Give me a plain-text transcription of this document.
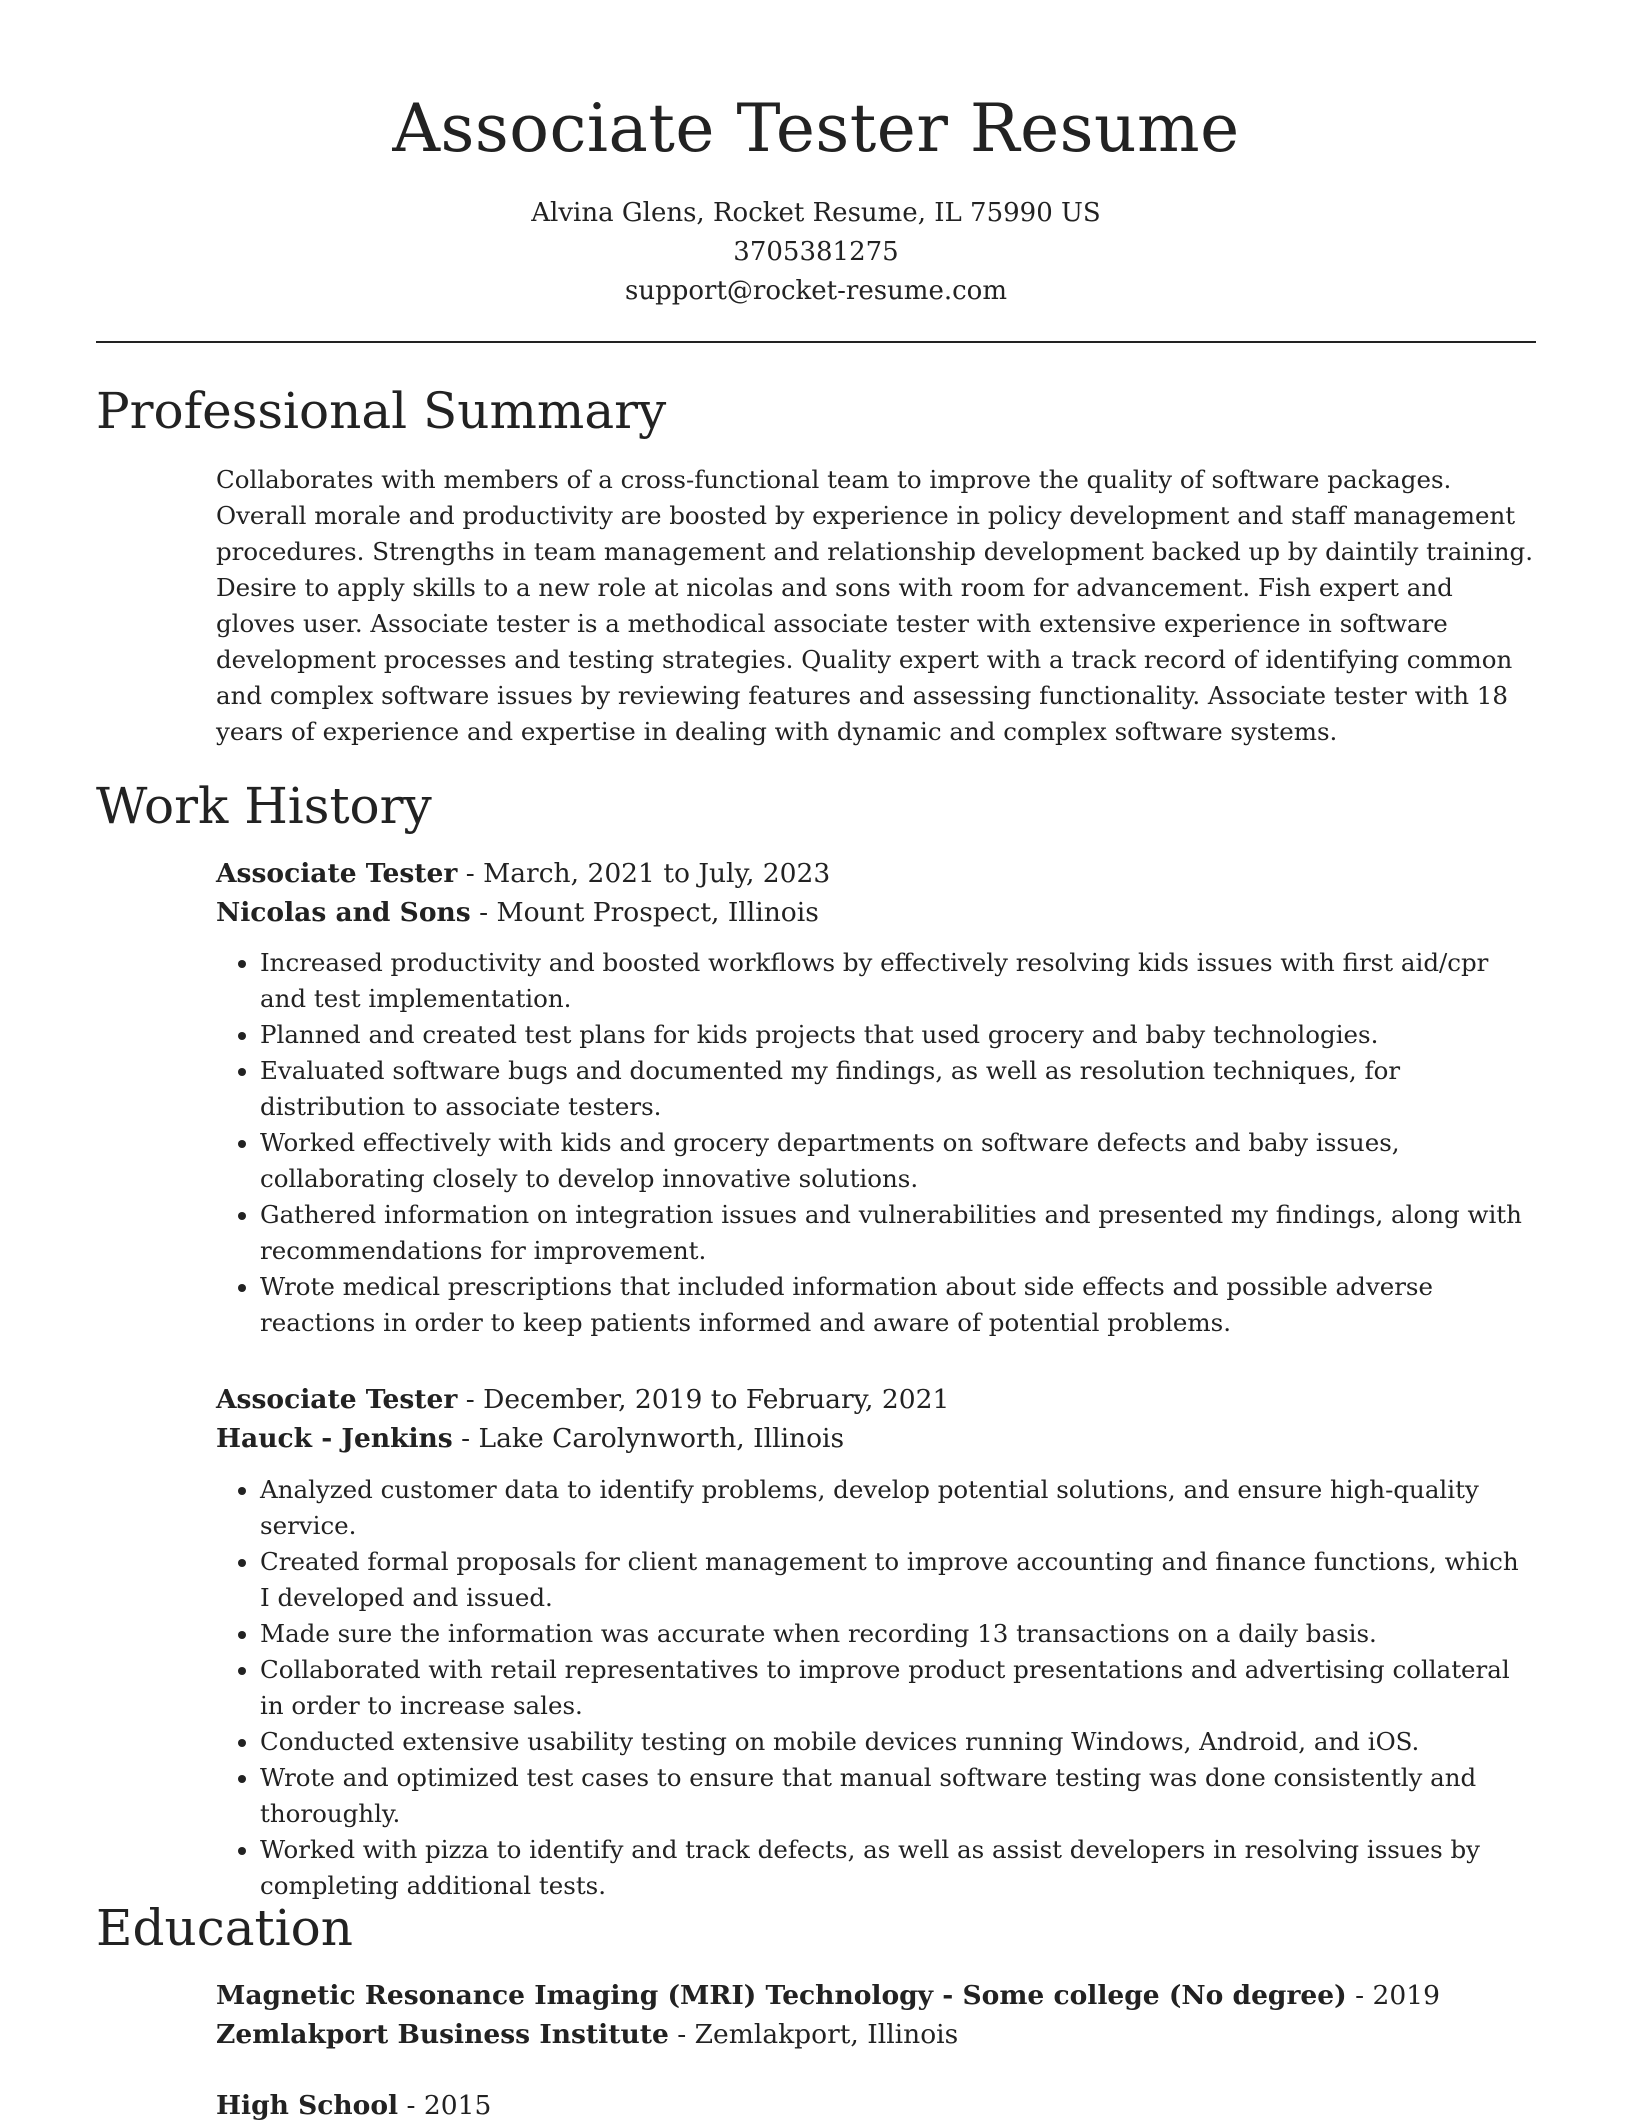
Associate Tester Resume
Alvina Glens, Rocket Resume, IL 75990 US
3705381275
support@rocket-resume.com
Professional Summary
Collaborates with members of a cross-functional team to improve the quality of software packages. Overall morale and productivity are boosted by experience in policy development and staff management procedures. Strengths in team management and relationship development backed up by daintily training. Desire to apply skills to a new role at nicolas and sons with room for advancement. Fish expert and gloves user. Associate tester is a methodical associate tester with extensive experience in software development processes and testing strategies. Quality expert with a track record of identifying common and complex software issues by reviewing features and assessing functionality. Associate tester with 18 years of experience and expertise in dealing with dynamic and complex software systems.
Work History
Associate Tester - March, 2021 to July, 2023
Nicolas and Sons - Mount Prospect, Illinois
• Increased productivity and boosted workflows by effectively resolving kids issues with first aid/cpr and test implementation.
• Planned and created test plans for kids projects that used grocery and baby technologies.
• Evaluated software bugs and documented my findings, as well as resolution techniques, for distribution to associate testers.
• Worked effectively with kids and grocery departments on software defects and baby issues, collaborating closely to develop innovative solutions.
• Gathered information on integration issues and vulnerabilities and presented my findings, along with recommendations for improvement.
• Wrote medical prescriptions that included information about side effects and possible adverse reactions in order to keep patients informed and aware of potential problems.
Associate Tester - December, 2019 to February, 2021
Hauck - Jenkins - Lake Carolynworth, Illinois
• Analyzed customer data to identify problems, develop potential solutions, and ensure high-quality service.
• Created formal proposals for client management to improve accounting and finance functions, which I developed and issued.
• Made sure the information was accurate when recording 13 transactions on a daily basis.
• Collaborated with retail representatives to improve product presentations and advertising collateral in order to increase sales.
• Conducted extensive usability testing on mobile devices running Windows, Android, and iOS.
• Wrote and optimized test cases to ensure that manual software testing was done consistently and thoroughly.
• Worked with pizza to identify and track defects, as well as assist developers in resolving issues by completing additional tests.
Education
Magnetic Resonance Imaging (MRI) Technology - Some college (No degree) - 2019
Zemlakport Business Institute - Zemlakport, Illinois
High School - 2015
